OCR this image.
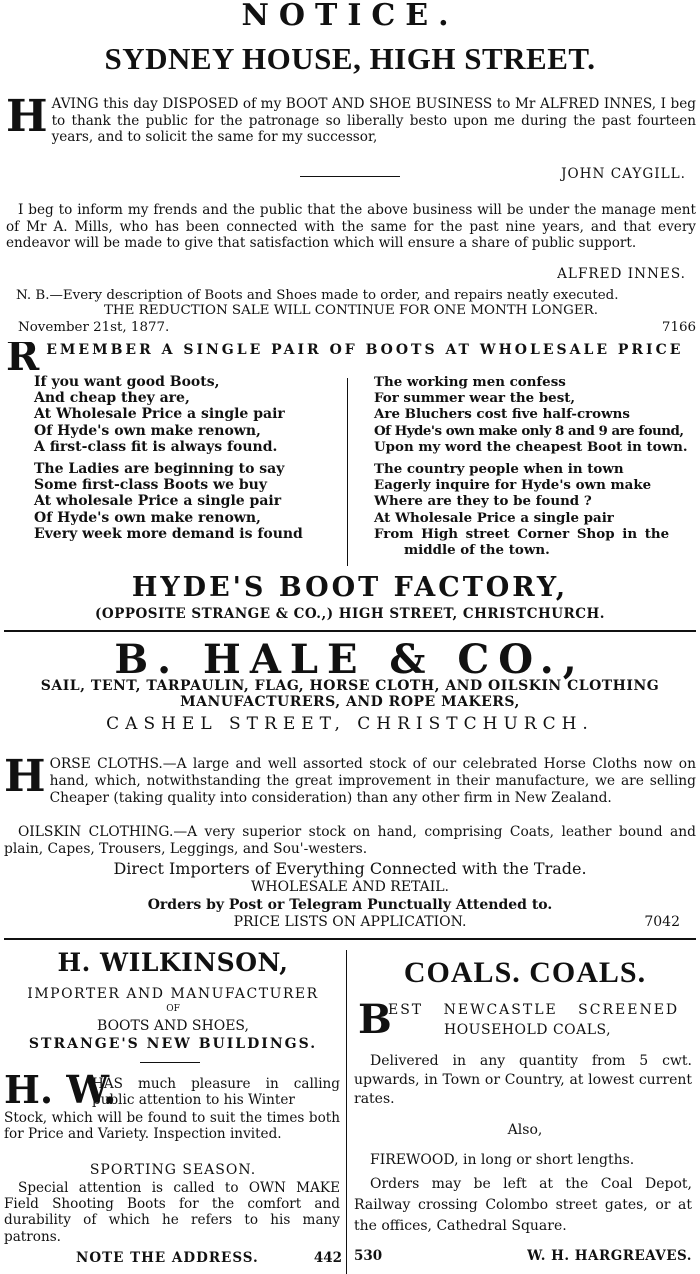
NOTICE.
SYDNEY HOUSE, HIGH STREET.
HAVING this day DISPOSED of my BOOT AND SHOE BUSINESS to Mr ALFRED INNES, I beg to thank the public for the patronage so liberally besto upon me during the past fourteen years, and to solicit the same for my successor,
JOHN CAYGILL.
I beg to inform my frends and the public that the above business will be under the manage ment of Mr A. Mills, who has been connected with the same for the past nine years, and that every endeavor will be made to give that satisfaction which will ensure a share of public support.
ALFRED INNES.
N. B.—Every description of Boots and Shoes made to order, and repairs neatly executed.
THE REDUCTION SALE WILL CONTINUE FOR ONE MONTH LONGER.
November 21st, 1877.	7166
REMEMBER A SINGLE PAIR OF BOOTS AT WHOLESALE PRICE
If you want good Boots,
And cheap they are,
At Wholesale Price a single pair
Of Hyde's own make renown,
A first-class fit is always found.
The Ladies are beginning to say
Some first-class Boots we buy
At wholesale Price a single pair
Of Hyde's own make renown,
Every week more demand is found
The working men confess
For summer wear the best,
Are Bluchers cost five half-crowns
Of Hyde's own make only 8 and 9 are found,
Upon my word the cheapest Boot in town.
The country people when in town
Eagerly inquire for Hyde's own make
Where are they to be found ?
At Wholesale Price a single pair
From High street Corner Shop in the
middle of the town.
HYDE'S BOOT FACTORY,
(OPPOSITE STRANGE & CO.,) HIGH STREET, CHRISTCHURCH.
B. HALE & CO.,
SAIL, TENT, TARPAULIN, FLAG, HORSE CLOTH, AND OILSKIN CLOTHING
MANUFACTURERS, AND ROPE MAKERS,
CASHEL STREET, CHRISTCHURCH.
HORSE CLOTHS.—A large and well assorted stock of our celebrated Horse Cloths now on hand, which, notwithstanding the great improvement in their manufacture, we are selling Cheaper (taking quality into consideration) than any other firm in New Zealand.
OILSKIN CLOTHING.—A very superior stock on hand, comprising Coats, leather bound and plain, Capes, Trousers, Leggings, and Sou'-westers.
Direct Importers of Everything Connected with the Trade.
WHOLESALE AND RETAIL.
Orders by Post or Telegram Punctually Attended to.
PRICE LISTS ON APPLICATION.	7042
H. WILKINSON,
IMPORTER AND MANUFACTURER
OF
BOOTS AND SHOES,
STRANGE'S NEW BUILDINGS.
H. W.
HAS much pleasure in calling public attention to his Winter
Stock, which will be found to suit the times both for Price and Variety. Inspection invited.
SPORTING SEASON.
Special attention is called to OWN MAKE Field Shooting Boots for the comfort and durability of which he refers to his many patrons.
NOTE THE ADDRESS.	442
COALS. COALS.
B
EST NEWCASTLE SCREENED
HOUSEHOLD COALS,
Delivered in any quantity from 5 cwt. upwards, in Town or Country, at lowest current rates.
Also,
FIREWOOD, in long or short lengths.
Orders may be left at the Coal Depot, Railway crossing Colombo street gates, or at the offices, Cathedral Square.
530	W. H. HARGREAVES.
